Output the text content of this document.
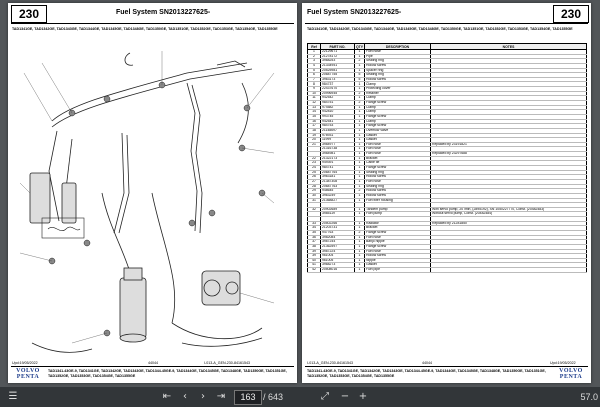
230	Fuel System SN2013227625-
TAD1341GE, TAD1342GE, TAD1343GE, TAD1344GE, TAD1345GE, TAD1348GE, TAD1350GE, TAD1351GE, TAD1352GE, TAD1353GE, TAD1354GE, TAD1355GE
Upd:19/05/2022	44044	I-013-A_GEN-230-84161543
VOLVO
PENTA
TAD1341-43GE-9, TAD1341GE, TAD1342GE, TAD1343GE, TAD1344-45GE-9, TAD1344GE, TAD1345GE, TAD1348GE, TAD1350GE, TAD1351GE, TAD1352GE, TAD1353GE, TAD1354GE, TAD1355GE
Fuel System SN2013227625-	230
TAD1341GE, TAD1342GE, TAD1343GE, TAD1344GE, TAD1345GE, TAD1348GE, TAD1350GE, TAD1351GE, TAD1352GE, TAD1353GE, TAD1354GE, TAD1355GE
Ref	PART NO.	QTY	DESCRIPTION	NOTES
1	22129671	1	Fuel hose	
2	21278172	1	Pipe	
3	3968253	2	Sealing ring	
4	21334951	1	Hollow screw	
5	20525981	1	Spacer ring	
6	20687755	5	Sealing ring	
7	3963173	5	Hollow screw	
8	984737	1	Clamp	
9	22437670	1	Protecting cover	
10	20996945	2	Retainer	
11	942542	1	Clamp	
12	984751	2	Flange screw	
13	974582	1	Clamp	
14	942810	1	Clamp	
15	993745	1	Flange screw	
16	942541	1	Clamp	
17	984753	1	Flange screw	
18	21148697	1	Overflow valve	
19	978931	1	Gasket	
20	11999	1	Gasket	
21	3984977	1	Fuel hose	Replaced by 23191821
	21316738	1	Fuel hose	
	3984981	1	Fuel hose	Replaced by 23297688
22	21322173	1	Bracket	
23	949391	1	Cable tie	
24	984741	1	Flange screw	
25	20687764	1	Sealing ring	
26	3963181	1	Hollow screw	
27	21387308	1	Fuel hose	
28	20687763	1	Sealing ring	
29	948645	2	Hollow screw	
30	3963249	1	Hollow screw	
31	21368827	1	Fuel filter housing	

32	20902689	1	Tandem pump	With servo pump, 20 /min, (2895192), SN 1050227770, Const. (20482483)
	3985119	1	Fuel pump	Without servo pump, Const. (20482484)

33	20502266	1	Radiator	Replaced by 21281850
34	21203731	1	Bracket	
35	947763	2	Flange screw	
36	3982084	1	Fuel hose	
37	3987244	1	Banjo nipple	
38	21362597	1	Flange screw	
39	3987224	1	Fuel hose	
39	961004	1	Hollow screw	
40	961005	1	Nipple	
41	3968273	1	Gasket	
42	20508016	1	Fuel pipe	
I-013-A_GEN-230-84161543	44044	Upd:19/05/2022
TAD1341-43GE-9, TAD1341GE, TAD1342GE, TAD1343GE, TAD1344-45GE-9, TAD1344GE, TAD1345GE, TAD1348GE, TAD1350GE, TAD1351GE, TAD1352GE, TAD1353GE, TAD1354GE, TAD1355GE
VOLVO
PENTA
☰	⇤	‹	›	⇥	163 / 643	⤢	− +	57.0
